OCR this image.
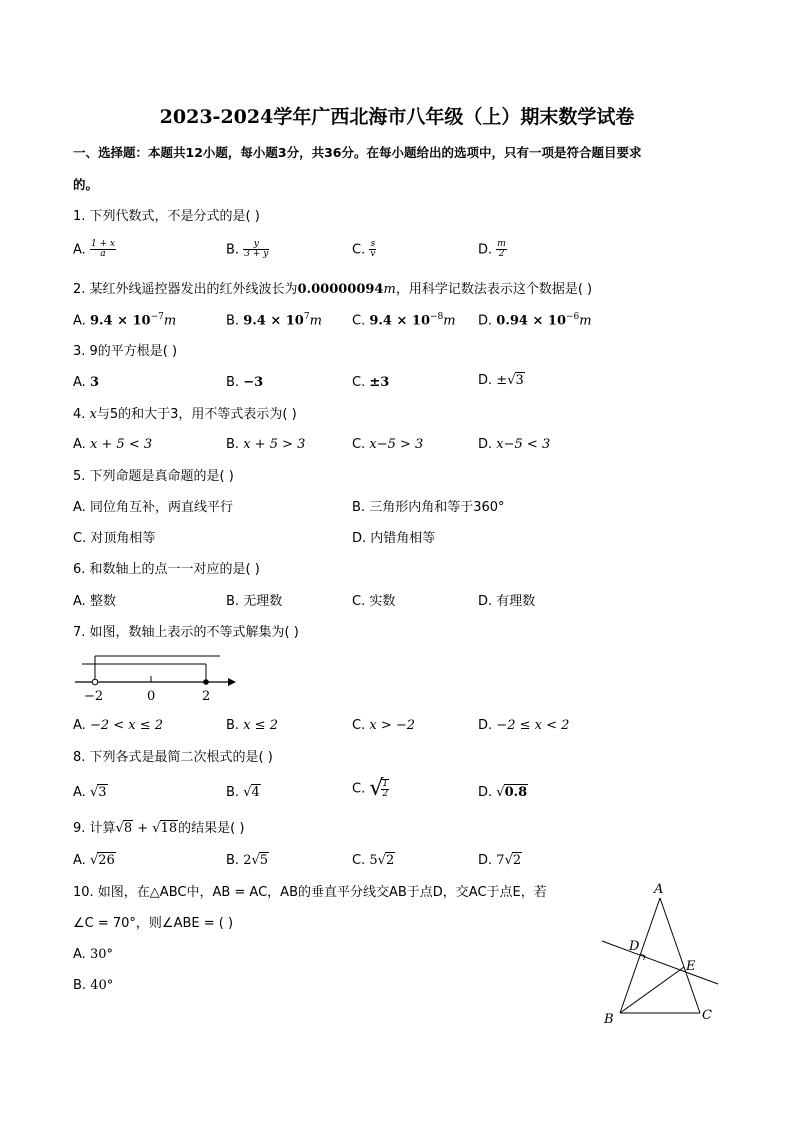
2023-2024学年广西北海市八年级（上）期末数学试卷
一、选择题：本题共12小题，每小题3分，共36分。在每小题给出的选项中，只有一项是符合题目要求
的。
1. 下列代数式，不是分式的是( )
A. $\frac{1 + x}{a}$	B. $\frac{y}{3 + y}$	C. $\frac{s}{v}$	D. $\frac{m}{2}$
2. 某红外线遥控器发出的红外线波长为0.00000094m，用科学记数法表示这个数据是( )
A. $9.4 \times 10^{-7}m$	B. $9.4 \times 10^7m$ C. $9.4 \times 10^{-8}m$ D. $0.94 \times 10^{-6}m$
3. 9的平方根是( )
A. 3	B. −3	C. ±3	D. ±√3
4. x与5的和大于3，用不等式表示为( )
A. x + 5 < 3	B. x + 5 > 3	C. x−5 > 3	D. x−5 < 3
5. 下列命题是真命题的是( )
A. 同位角互补，两直线平行	B. 三角形内角和等于360°
C. 对顶角相等	D. 内错角相等
6. 和数轴上的点一一对应的是( )
A. 整数	B. 无理数	C. 实数	D. 有理数
7. 如图，数轴上表示的不等式解集为( )
−2	0	2
A. −2 < x ≤ 2	B. x ≤ 2	C. x > −2	D. −2 ≤ x < 2
8. 下列各式是最简二次根式的是( )
A. √3	B. √4	C. √
$\frac{1}{2}$	D. √0.8
9. 计算√8 + √18的结果是( )
A. √26	B. 2√5	C. 5√2	D. 7√2
10. 如图，在△ABC中，AB = AC，AB的垂直平分线交AB于点D，交AC于点E，若
∠C = 70°，则∠ABE = ( )
A. 30°
B. 40°
A
B	C
D
E
